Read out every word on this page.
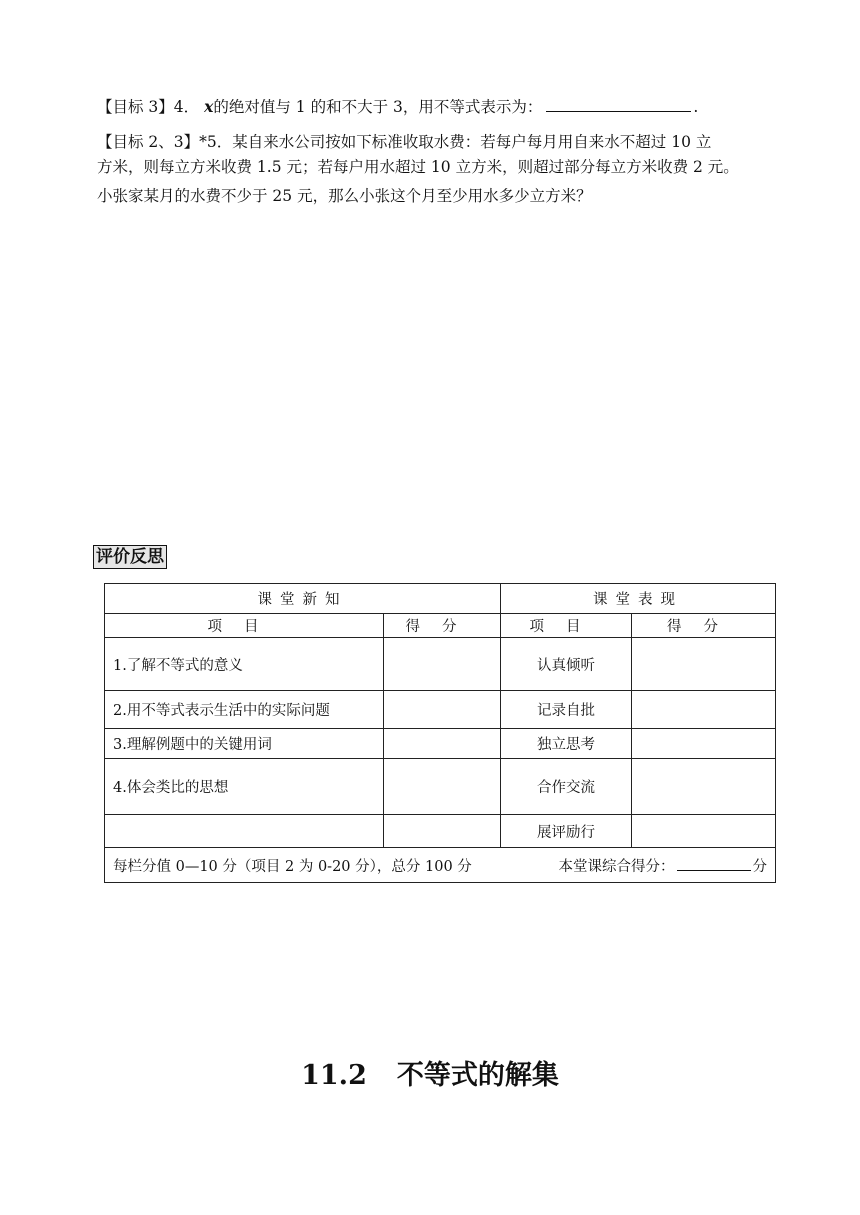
【目标 3】4． x的绝对值与 1 的和不大于 3，用不等式表示为：	.
【目标 2、3】*5．某自来水公司按如下标准收取水费：若每户每月用自来水不超过 10 立
方米，则每立方米收费 1.5 元；若每户用水超过 10 立方米，则超过部分每立方米收费 2 元。
小张家某月的水费不少于 25 元，那么小张这个月至少用水多少立方米？
评价反思
课堂新知		课堂表现	
项目	得分	项目	得分
1.了解不等式的意义		认真倾听	
2.用不等式表示生活中的实际问题		记录自批	
3.理解例题中的关键用词		独立思考	
4.体会类比的思想		合作交流	
		展评励行	
每栏分值 0—10 分（项目 2 为 0-20 分），总分 100 分 本堂课综合得分： 分			
11.2 不等式的解集
